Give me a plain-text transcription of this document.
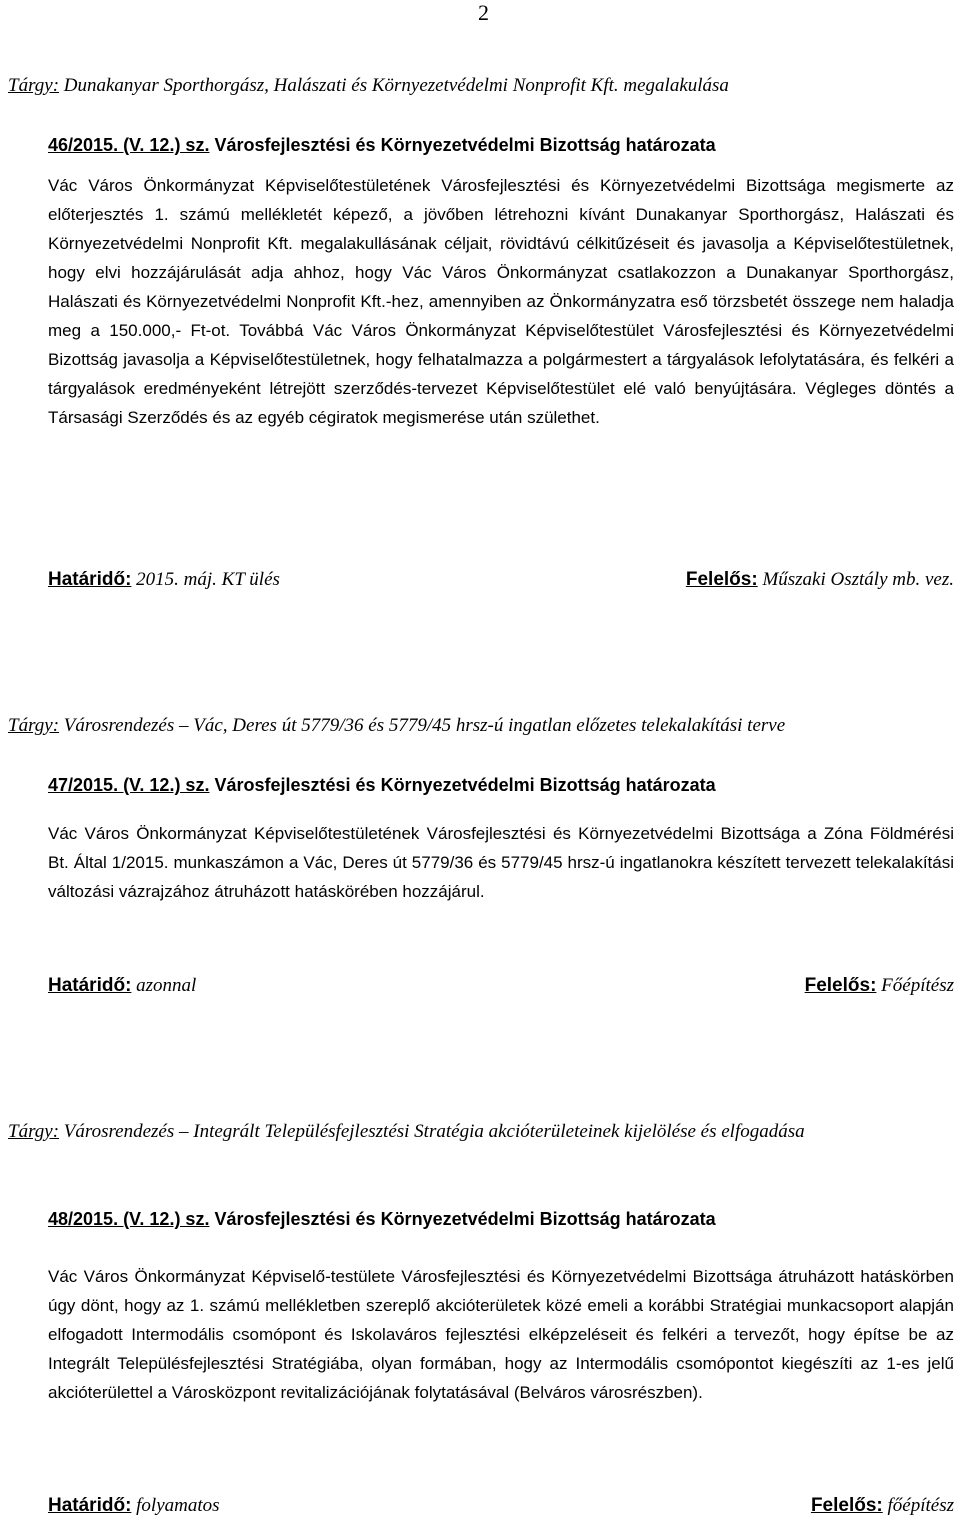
2
Tárgy: Dunakanyar Sporthorgász, Halászati és Környezetvédelmi Nonprofit Kft. megalakulása
46/2015. (V. 12.) sz. Városfejlesztési és Környezetvédelmi Bizottság határozata
Vác Város Önkormányzat Képviselőtestületének Városfejlesztési és Környezetvédelmi Bizottsága megismerte az előterjesztés 1. számú mellékletét képező, a jövőben létrehozni kívánt Dunakanyar Sporthorgász, Halászati és Környezetvédelmi Nonprofit Kft. megalakullásának céljait, rövidtávú célkitűzéseit és javasolja a Képviselőtestületnek, hogy elvi hozzájárulását adja ahhoz, hogy Vác Város Önkormányzat csatlakozzon a Dunakanyar Sporthorgász, Halászati és Környezetvédelmi Nonprofit Kft.-hez, amennyiben az Önkormányzatra eső törzsbetét összege nem haladja meg a 150.000,- Ft-ot. Továbbá Vác Város Önkormányzat Képviselőtestület Városfejlesztési és Környezetvédelmi Bizottság javasolja a Képviselőtestületnek, hogy felhatalmazza a polgármestert a tárgyalások lefolytatására, és felkéri a tárgyalások eredményeként létrejött szerződés-tervezet Képviselőtestület elé való benyújtására. Végleges döntés a Társasági Szerződés és az egyéb cégiratok megismerése után születhet.
Határidő: 2015. máj. KT ülés	Felelős: Műszaki Osztály mb. vez.
Tárgy: Városrendezés – Vác, Deres út 5779/36 és 5779/45 hrsz-ú ingatlan előzetes telekalakítási terve
47/2015. (V. 12.) sz. Városfejlesztési és Környezetvédelmi Bizottság határozata
Vác Város Önkormányzat Képviselőtestületének Városfejlesztési és Környezetvédelmi Bizottsága a Zóna Földmérési Bt. Által 1/2015. munkaszámon a Vác, Deres út 5779/36 és 5779/45 hrsz-ú ingatlanokra készített tervezett telekalakítási változási vázrajzához átruházott hatáskörében hozzájárul.
Határidő: azonnal	Felelős: Főépítész
Tárgy: Városrendezés – Integrált Településfejlesztési Stratégia akcióterületeinek kijelölése és elfogadása
48/2015. (V. 12.) sz. Városfejlesztési és Környezetvédelmi Bizottság határozata
Vác Város Önkormányzat Képviselő-testülete Városfejlesztési és Környezetvédelmi Bizottsága átruházott hatáskörben úgy dönt, hogy az 1. számú mellékletben szereplő akcióterületek közé emeli a korábbi Stratégiai munkacsoport alapján elfogadott Intermodális csomópont és Iskolaváros fejlesztési elképzeléseit és felkéri a tervezőt, hogy építse be az Integrált Településfejlesztési Stratégiába, olyan formában, hogy az Intermodális csomópontot kiegészíti az 1-es jelű akcióterülettel a Városközpont revitalizációjának folytatásával (Belváros városrészben).
Határidő: folyamatos	Felelős: főépítész
